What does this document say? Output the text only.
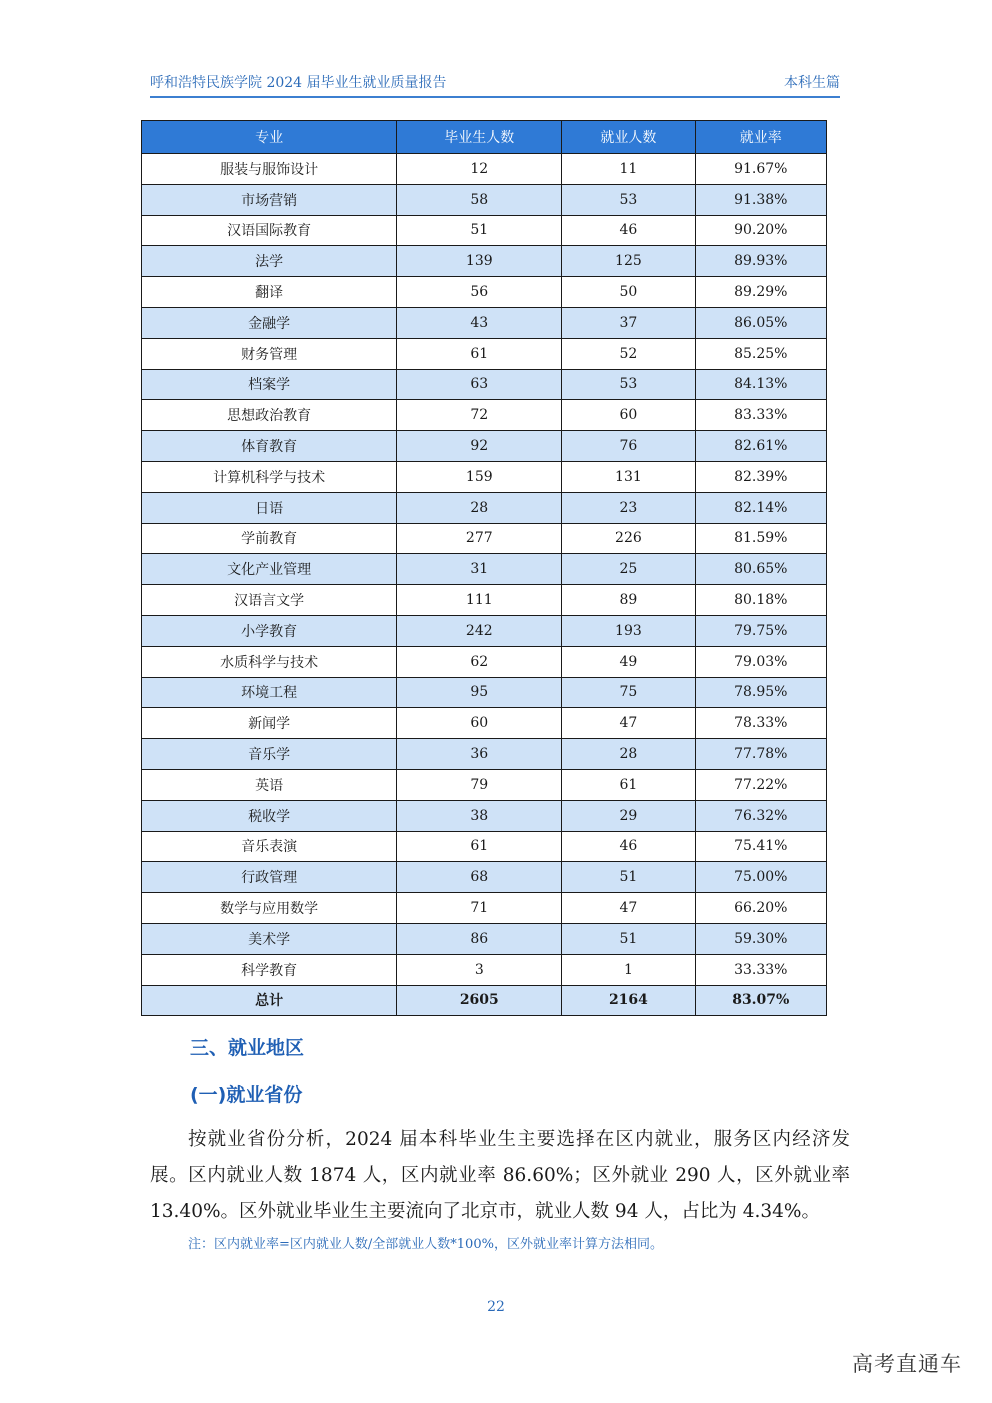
呼和浩特民族学院 2024 届毕业生就业质量报告	本科生篇
专业	毕业生人数	就业人数	就业率
服装与服饰设计	12	11	91.67%
市场营销	58	53	91.38%
汉语国际教育	51	46	90.20%
法学	139	125	89.93%
翻译	56	50	89.29%
金融学	43	37	86.05%
财务管理	61	52	85.25%
档案学	63	53	84.13%
思想政治教育	72	60	83.33%
体育教育	92	76	82.61%
计算机科学与技术	159	131	82.39%
日语	28	23	82.14%
学前教育	277	226	81.59%
文化产业管理	31	25	80.65%
汉语言文学	111	89	80.18%
小学教育	242	193	79.75%
水质科学与技术	62	49	79.03%
环境工程	95	75	78.95%
新闻学	60	47	78.33%
音乐学	36	28	77.78%
英语	79	61	77.22%
税收学	38	29	76.32%
音乐表演	61	46	75.41%
行政管理	68	51	75.00%
数学与应用数学	71	47	66.20%
美术学	86	51	59.30%
科学教育	3	1	33.33%
总计	2605	2164	83.07%
三、就业地区
(一)就业省份

按就业省份分析，2024 届本科毕业生主要选择在区内就业，服务区内经济发展。区内就业人数 1874 人，区内就业率 86.60%；区外就业 290 人，区外就业率 13.40%。区外就业毕业生主要流向了北京市，就业人数 94 人，占比为 4.34%。

注：区内就业率=区内就业人数/全部就业人数*100%，区外就业率计算方法相同。
22
高考直通车
